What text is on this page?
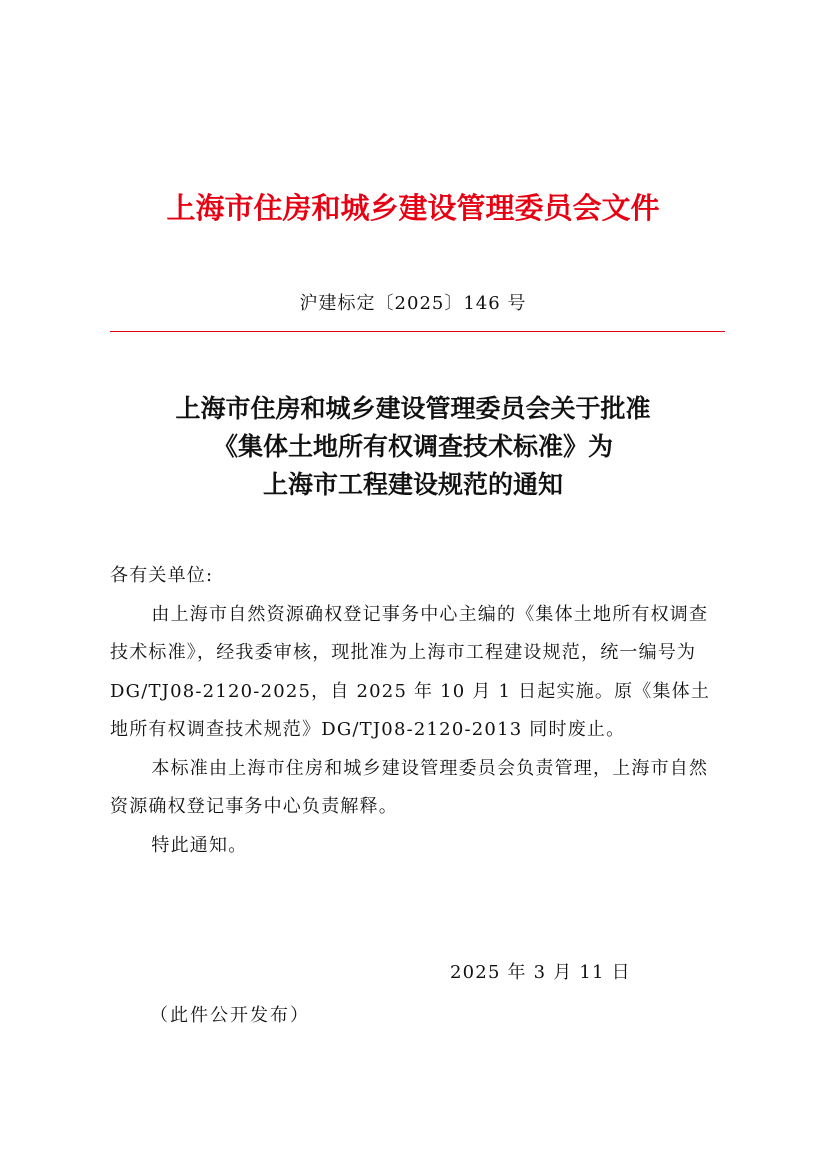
上海市住房和城乡建设管理委员会文件
沪建标定〔2025〕146 号
上海市住房和城乡建设管理委员会关于批准
《集体土地所有权调查技术标准》为
上海市工程建设规范的通知

各有关单位:

由上海市自然资源确权登记事务中心主编的《集体土地所有权调查技术标准》，经我委审核，现批准为上海市工程建设规范，统一编号为 DG/TJ08-2120-2025，自 2025 年 10 月 1 日起实施。原《集体土地所有权调查技术规范》DG/TJ08-2120-2013 同时废止。

本标准由上海市住房和城乡建设管理委员会负责管理，上海市自然资源确权登记事务中心负责解释。

特此通知。

2025 年 3 月 11 日
（此件公开发布）
